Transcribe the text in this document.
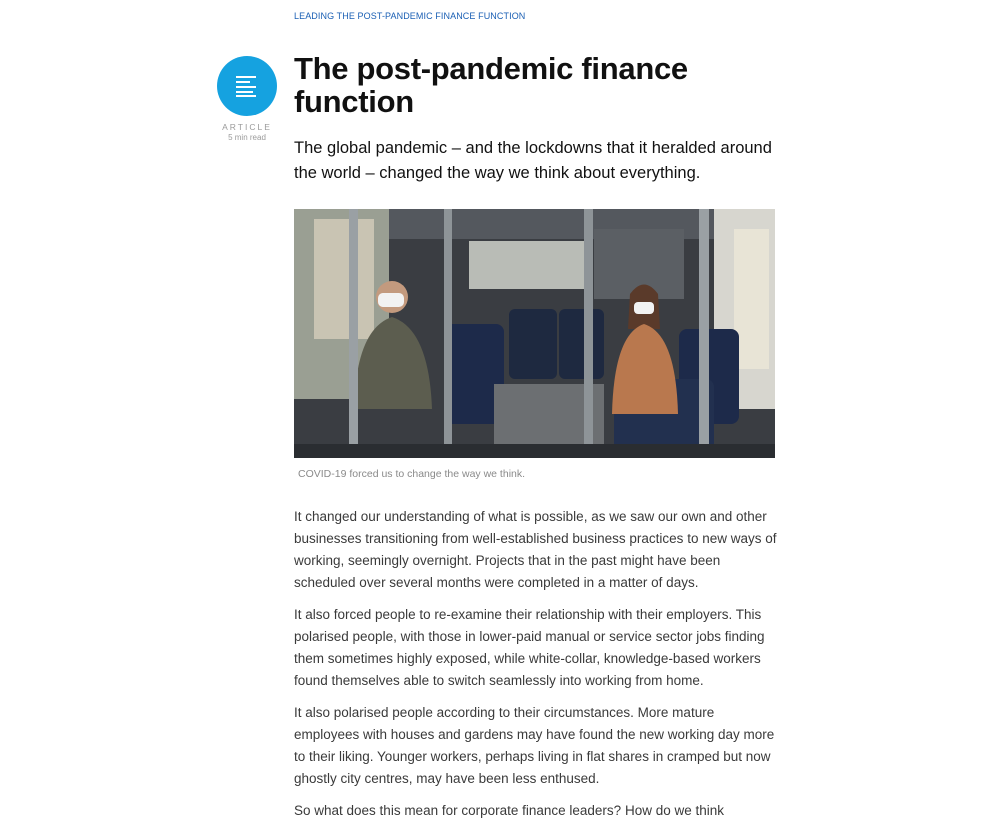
LEADING THE POST-PANDEMIC FINANCE FUNCTION
ARTICLE
5 min read
The post-pandemic finance function
The global pandemic – and the lockdowns that it heralded around the world – changed the way we think about everything.
COVID-19 forced us to change the way we think.

It changed our understanding of what is possible, as we saw our own and other businesses transitioning from well-established business practices to new ways of working, seemingly overnight. Projects that in the past might have been scheduled over several months were completed in a matter of days.

It also forced people to re-examine their relationship with their employers. This polarised people, with those in lower-paid manual or service sector jobs finding them sometimes highly exposed, while white-collar, knowledge-based workers found themselves able to switch seamlessly into working from home.

It also polarised people according to their circumstances. More mature employees with houses and gardens may have found the new working day more to their liking. Younger workers, perhaps living in flat shares in cramped but now ghostly city centres, may have been less enthused.

So what does this mean for corporate finance leaders? How do we think
